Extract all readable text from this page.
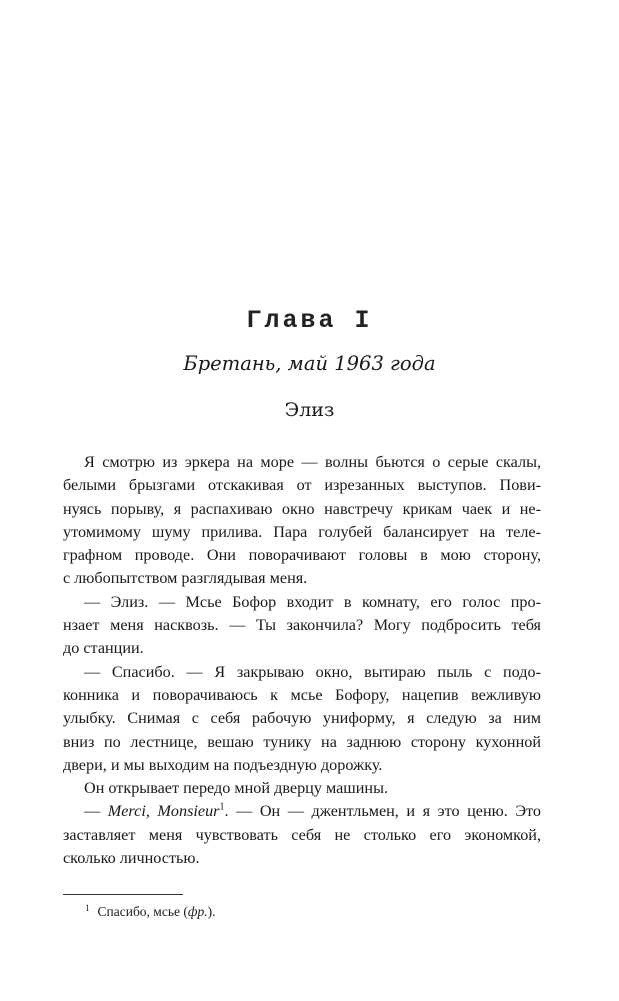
Глава I
Бретань, май 1963 года
Элиз

Я смотрю из эркера на море — волны бьются о серые скалы,
белыми брызгами отскакивая от изрезанных выступов. Пови-
нуясь порыву, я распахиваю окно навстречу крикам чаек и не-
утомимому шуму прилива. Пара голубей балансирует на теле-
графном проводе. Они поворачивают головы в мою сторону,
с любопытством разглядывая меня.

— Элиз. — Мсье Бофор входит в комнату, его голос про-
нзает меня насквозь. — Ты закончила? Могу подбросить тебя
до станции.

— Спасибо. — Я закрываю окно, вытираю пыль с подо-
конника и поворачиваюсь к мсье Бофору, нацепив вежливую
улыбку. Снимая с себя рабочую униформу, я следую за ним
вниз по лестнице, вешаю тунику на заднюю сторону кухонной
двери, и мы выходим на подъездную дорожку.

Он открывает передо мной дверцу машины.

— Merci, Monsieur$^1$. — Он — джентльмен, и я это ценю. Это
заставляет меня чувствовать себя не столько его экономкой,
сколько личностью.

$^1$ Спасибо, мсье (фр.).
